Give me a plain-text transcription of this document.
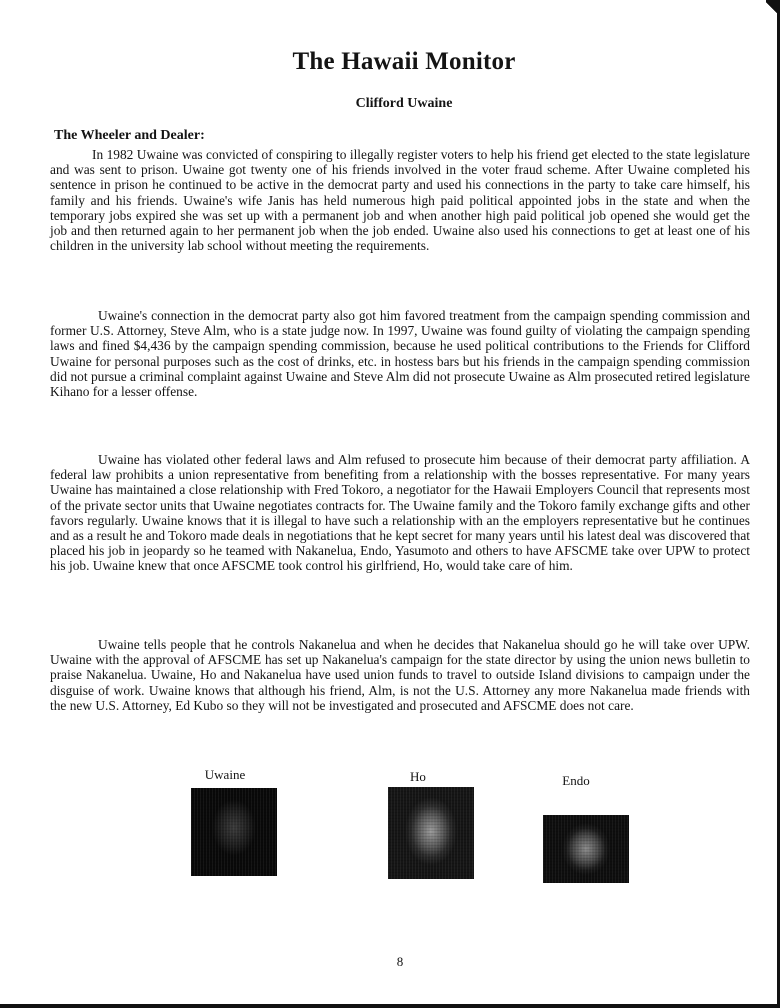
The Hawaii Monitor
Clifford Uwaine
The Wheeler and Dealer:

In 1982 Uwaine was convicted of conspiring to illegally register voters to help his friend get elected to the state legislature and was sent to prison. Uwaine got twenty one of his friends involved in the voter fraud scheme. After Uwaine completed his sentence in prison he continued to be active in the democrat party and used his connections in the party to take care himself, his family and his friends. Uwaine's wife Janis has held numerous high paid political appointed jobs in the state and when the temporary jobs expired she was set up with a permanent job and when another high paid political job opened she would get the job and then returned again to her permanent job when the job ended. Uwaine also used his connections to get at least one of his children in the university lab school without meeting the requirements.

Uwaine's connection in the democrat party also got him favored treatment from the campaign spending commission and former U.S. Attorney, Steve Alm, who is a state judge now. In 1997, Uwaine was found guilty of violating the campaign spending laws and fined $4,436 by the campaign spending commission, because he used political contributions to the Friends for Clifford Uwaine for personal purposes such as the cost of drinks, etc. in hostess bars but his friends in the campaign spending commission did not pursue a criminal complaint against Uwaine and Steve Alm did not prosecute Uwaine as Alm prosecuted retired legislature Kihano for a lesser offense.

Uwaine has violated other federal laws and Alm refused to prosecute him because of their democrat party affiliation. A federal law prohibits a union representative from benefiting from a relationship with the bosses representative. For many years Uwaine has maintained a close relationship with Fred Tokoro, a negotiator for the Hawaii Employers Council that represents most of the private sector units that Uwaine negotiates contracts for. The Uwaine family and the Tokoro family exchange gifts and other favors regularly. Uwaine knows that it is illegal to have such a relationship with an the employers representative but he continues and as a result he and Tokoro made deals in negotiations that he kept secret for many years until his latest deal was discovered that placed his job in jeopardy so he teamed with Nakanelua, Endo, Yasumoto and others to have AFSCME take over UPW to protect his job. Uwaine knew that once AFSCME took control his girlfriend, Ho, would take care of him.

Uwaine tells people that he controls Nakanelua and when he decides that Nakanelua should go he will take over UPW. Uwaine with the approval of AFSCME has set up Nakanelua's campaign for the state director by using the union news bulletin to praise Nakanelua. Uwaine, Ho and Nakanelua have used union funds to travel to outside Island divisions to campaign under the disguise of work. Uwaine knows that although his friend, Alm, is not the U.S. Attorney any more Nakanelua made friends with the new U.S. Attorney, Ed Kubo so they will not be investigated and prosecuted and AFSCME does not care.

Uwaine	Ho	Endo
8
